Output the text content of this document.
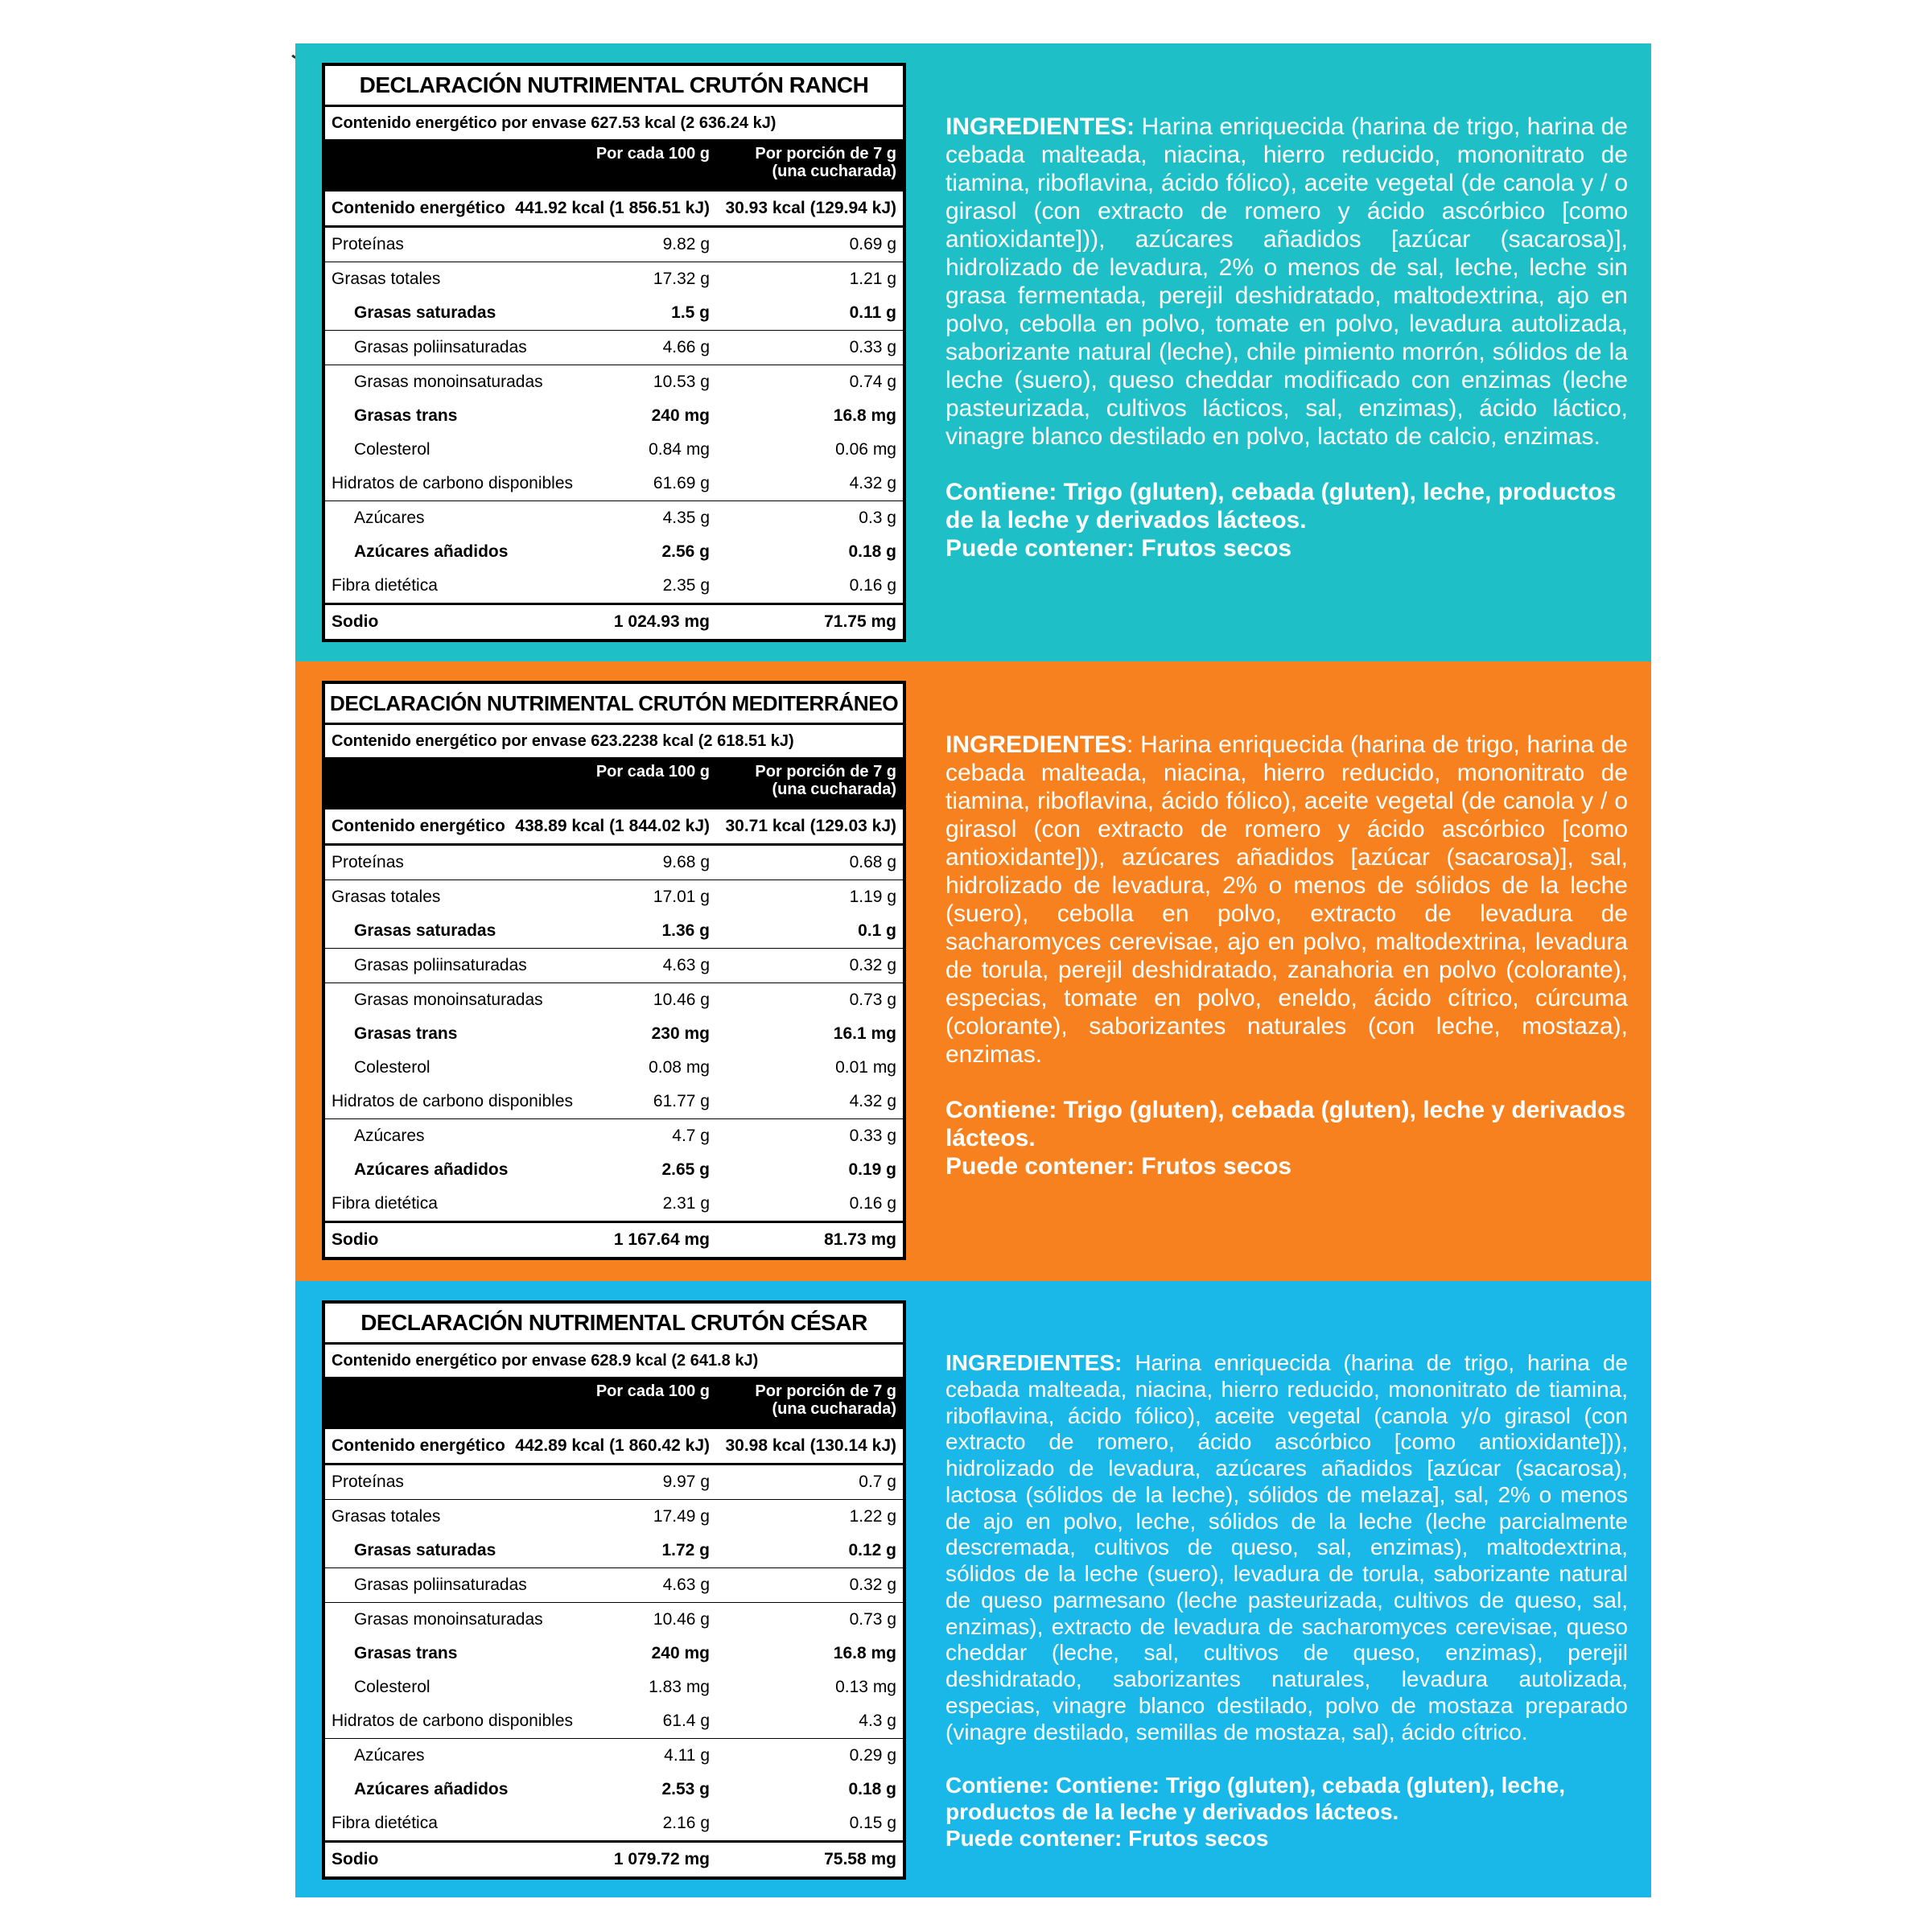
DECLARACIÓN NUTRIMENTAL CRUTÓN RANCH
Contenido energético por envase 627.53 kcal (2 636.24 kJ)
Por cada 100 g	Por porción de 7 g
(una cucharada)
Contenido energético 441.92 kcal (1 856.51 kJ) 30.93 kcal (129.94 kJ)
Proteínas	9.82 g	0.69 g
Grasas totales	17.32 g	1.21 g
Grasas saturadas	1.5 g	0.11 g
Grasas poliinsaturadas	4.66 g	0.33 g
Grasas monoinsaturadas	10.53 g	0.74 g
Grasas trans	240 mg	16.8 mg
Colesterol	0.84 mg	0.06 mg
Hidratos de carbono disponibles	61.69 g	4.32 g
Azúcares	4.35 g	0.3 g
Azúcares añadidos	2.56 g	0.18 g
Fibra dietética	2.35 g	0.16 g
Sodio	1 024.93 mg	71.75 mg
INGREDIENTES: Harina enriquecida (harina de trigo, harina de cebada malteada, niacina, hierro reducido, mononitrato de tiamina, riboflavina, ácido fólico), aceite vegetal (de canola y / o girasol (con extracto de romero y ácido ascórbico [como antioxidante])), azúcares añadidos [azúcar (sacarosa)], hidrolizado de levadura, 2% o menos de sal, leche, leche sin grasa fermentada, perejil deshidratado, maltodextrina, ajo en polvo, cebolla en polvo, tomate en polvo, levadura autolizada, saborizante natural (leche), chile pimiento morrón, sólidos de la leche (suero), queso cheddar modificado con enzimas (leche pasteurizada, cultivos lácticos, sal, enzimas), ácido láctico, vinagre blanco destilado en polvo, lactato de calcio, enzimas.
Contiene: Trigo (gluten), cebada (gluten), leche, productos de la leche y derivados lácteos.
Puede contener: Frutos secos
DECLARACIÓN NUTRIMENTAL CRUTÓN MEDITERRÁNEO
Contenido energético por envase 623.2238 kcal (2 618.51 kJ)
Por cada 100 g	Por porción de 7 g
(una cucharada)
Contenido energético 438.89 kcal (1 844.02 kJ) 30.71 kcal (129.03 kJ)
Proteínas	9.68 g	0.68 g
Grasas totales	17.01 g	1.19 g
Grasas saturadas	1.36 g	0.1 g
Grasas poliinsaturadas	4.63 g	0.32 g
Grasas monoinsaturadas	10.46 g	0.73 g
Grasas trans	230 mg	16.1 mg
Colesterol	0.08 mg	0.01 mg
Hidratos de carbono disponibles	61.77 g	4.32 g
Azúcares	4.7 g	0.33 g
Azúcares añadidos	2.65 g	0.19 g
Fibra dietética	2.31 g	0.16 g
Sodio	1 167.64 mg	81.73 mg
INGREDIENTES: Harina enriquecida (harina de trigo, harina de cebada malteada, niacina, hierro reducido, mononitrato de tiamina, riboflavina, ácido fólico), aceite vegetal (de canola y / o girasol (con extracto de romero y ácido ascórbico [como antioxidante])), azúcares añadidos [azúcar (sacarosa)], sal, hidrolizado de levadura, 2% o menos de sólidos de la leche (suero), cebolla en polvo, extracto de levadura de sacharomyces cerevisae, ajo en polvo, maltodextrina, levadura de torula, perejil deshidratado, zanahoria en polvo (colorante), especias, tomate en polvo, eneldo, ácido cítrico, cúrcuma (colorante), saborizantes naturales (con leche, mostaza), enzimas.
Contiene: Trigo (gluten), cebada (gluten), leche y derivados lácteos.
Puede contener: Frutos secos
DECLARACIÓN NUTRIMENTAL CRUTÓN CÉSAR
Contenido energético por envase 628.9 kcal (2 641.8 kJ)
Por cada 100 g	Por porción de 7 g
(una cucharada)
Contenido energético 442.89 kcal (1 860.42 kJ) 30.98 kcal (130.14 kJ)
Proteínas	9.97 g	0.7 g
Grasas totales	17.49 g	1.22 g
Grasas saturadas	1.72 g	0.12 g
Grasas poliinsaturadas	4.63 g	0.32 g
Grasas monoinsaturadas	10.46 g	0.73 g
Grasas trans	240 mg	16.8 mg
Colesterol	1.83 mg	0.13 mg
Hidratos de carbono disponibles	61.4 g	4.3 g
Azúcares	4.11 g	0.29 g
Azúcares añadidos	2.53 g	0.18 g
Fibra dietética	2.16 g	0.15 g
Sodio	1 079.72 mg	75.58 mg
INGREDIENTES: Harina enriquecida (harina de trigo, harina de cebada malteada, niacina, hierro reducido, mononitrato de tiamina, riboflavina, ácido fólico), aceite vegetal (canola y/o girasol (con extracto de romero, ácido ascórbico [como antioxidante])), hidrolizado de levadura, azúcares añadidos [azúcar (sacarosa), lactosa (sólidos de la leche), sólidos de melaza], sal, 2% o menos de ajo en polvo, leche, sólidos de la leche (leche parcialmente descremada, cultivos de queso, sal, enzimas), maltodextrina, sólidos de la leche (suero), levadura de torula, saborizante natural de queso parmesano (leche pasteurizada, cultivos de queso, sal, enzimas), extracto de levadura de sacharomyces cerevisae, queso cheddar (leche, sal, cultivos de queso, enzimas), perejil deshidratado, saborizantes naturales, levadura autolizada, especias, vinagre blanco destilado, polvo de mostaza preparado (vinagre destilado, semillas de mostaza, sal), ácido cítrico.
Contiene: Contiene: Trigo (gluten), cebada (gluten), leche, productos de la leche y derivados lácteos.
Puede contener: Frutos secos
